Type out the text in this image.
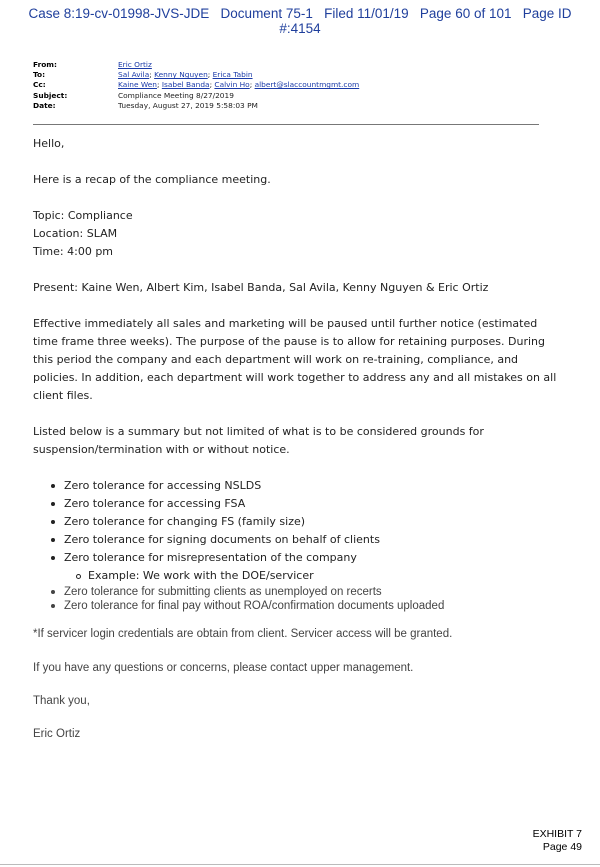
Case 8:19-cv-01998-JVS-JDE   Document 75-1   Filed 11/01/19   Page 60 of 101   Page ID
#:4154
From:	Eric Ortiz
To:	Sal Avila; Kenny Nguyen; Erica Tabin
Cc:	Kaine Wen; Isabel Banda; Calvin Ho; albert@slaccountmgmt.com
Subject:	Compliance Meeting 8/27/2019
Date:	Tuesday, August 27, 2019 5:58:03 PM

Hello,

Here is a recap of the compliance meeting.

Topic: Compliance

Location: SLAM

Time: 4:00 pm

Present: Kaine Wen, Albert Kim, Isabel Banda, Sal Avila, Kenny Nguyen & Eric Ortiz

Effective immediately all sales and marketing will be paused until further notice (estimated time frame three weeks). The purpose of the pause is to allow for retaining purposes. During this period the company and each department will work on re-training, compliance, and policies. In addition, each department will work together to address any and all mistakes on all client files.

Listed below is a summary but not limited of what is to be considered grounds for suspension/termination with or without notice.

Zero tolerance for accessing NSLDS
Zero tolerance for accessing FSA
Zero tolerance for changing FS (family size)
Zero tolerance for signing documents on behalf of clients
Zero tolerance for misrepresentation of the company
Example: We work with the DOE/servicer
Zero tolerance for submitting clients as unemployed on recerts
Zero tolerance for final pay without ROA/confirmation documents uploaded

*If servicer login credentials are obtain from client. Servicer access will be granted.

If you have any questions or concerns, please contact upper management.

Thank you,

Eric Ortiz

EXHIBIT 7
Page 49
